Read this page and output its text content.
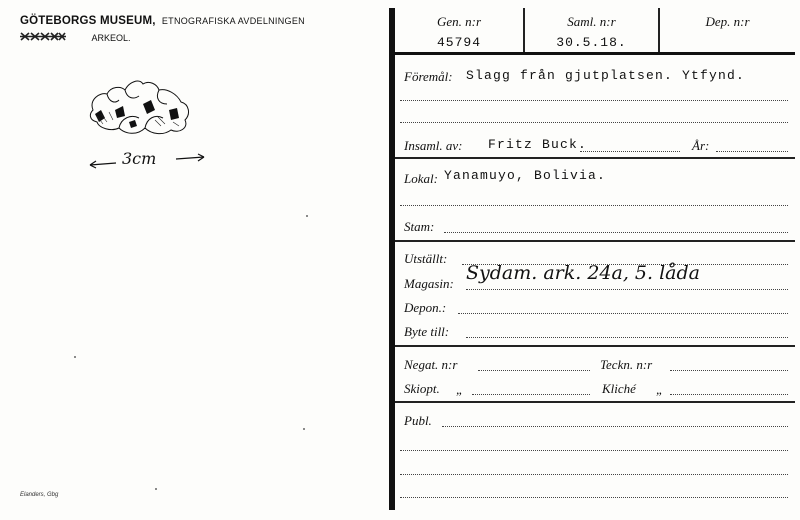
GÖTEBORGS MUSEUM, ETNOGRAFISKA AVDELNINGEN
ARKEOL.
3cm
Elanders, Gbg
Gen. n:r	Saml. n:r	Dep. n:r
45794	30.5.18.
Föremål: Slagg från gjutplatsen. Ytfynd.
Insaml. av: Fritz Buck.	År:
Lokal: Yanamuyo, Bolivia.
Stam:
Utställt:
Magasin: Sydam. ark. 24a, 5. låda
Depon.:
Byte till:
Negat. n:r	Teckn. n:r
Skiopt. „	Kliché „
Publ.
